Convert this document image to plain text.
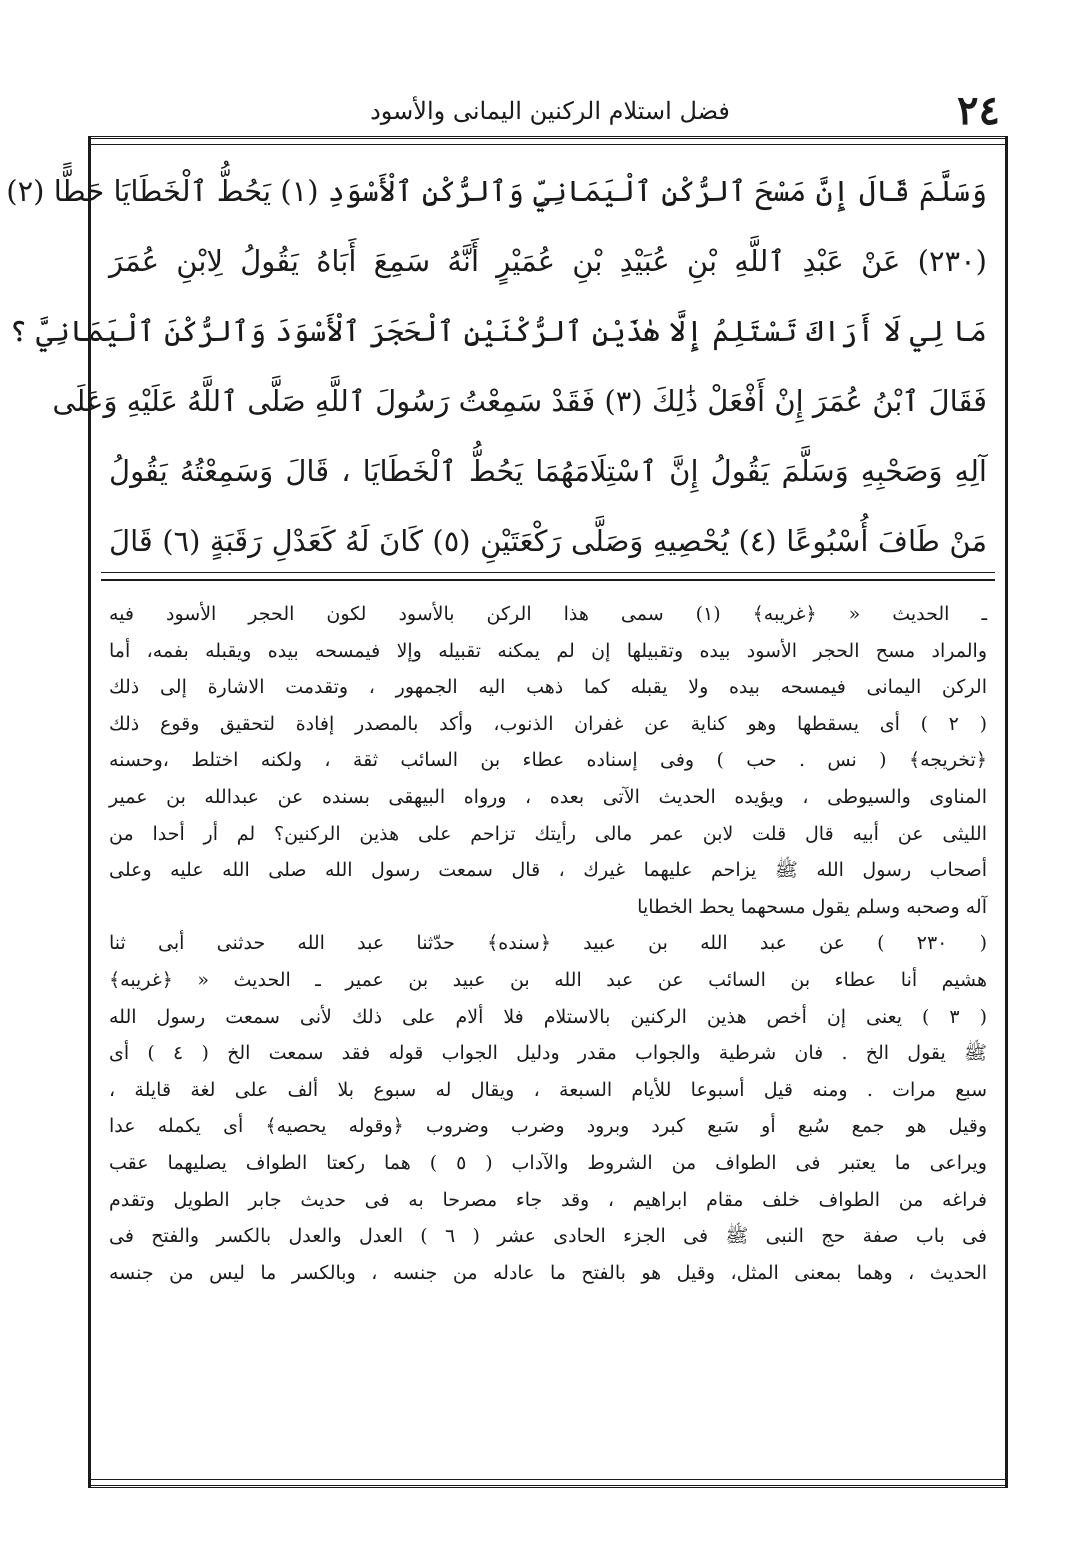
٢٤
فضل استلام الركنين اليمانى والأسود
وَسَلَّمَ قَالَ إِنَّ مَسْحَ ٱلرُّكْنِ ٱلْيَمَانِيِّ وَٱلرُّكْنِ ٱلْأَسْوَدِ (١) يَحُطُّ ٱلْخَطَايَا حَطًّا (٢)
(٢٣٠) عَنْ عَبْدِ ٱللَّهِ بْنِ عُبَيْدِ بْنِ عُمَيْرٍ أَنَّهُ سَمِعَ أَبَاهُ يَقُولُ لِابْنِ عُمَرَ
مَا لِي لَا أَرَاكَ تَسْتَلِمُ إِلَّا هٰذَيْنِ ٱلرُّكْنَيْنِ ٱلْحَجَرَ ٱلْأَسْوَدَ وَٱلرُّكْنَ ٱلْيَمَانِيَّ ؟
فَقَالَ ٱبْنُ عُمَرَ إِنْ أَفْعَلْ ذَٰلِكَ (٣) فَقَدْ سَمِعْتُ رَسُولَ ٱللَّهِ صَلَّى ٱللَّهُ عَلَيْهِ وَعَلَى
آلِهِ وَصَحْبِهِ وَسَلَّمَ يَقُولُ إِنَّ ٱسْتِلَامَهُمَا يَحُطُّ ٱلْخَطَايَا ، قَالَ وَسَمِعْتُهُ يَقُولُ
مَنْ طَافَ أُسْبُوعًا (٤) يُحْصِيهِ وَصَلَّى رَكْعَتَيْنِ (٥) كَانَ لَهُ كَعَدْلِ رَقَبَةٍ (٦) قَالَ
ـ الحديث « ﴿غريبه﴾ (١) سمى هذا الركن بالأسود لكون الحجر الأسود فيه
والمراد مسح الحجر الأسود بيده وتقبيلها إن لم يمكنه تقبيله وإلا فيمسحه بيده ويقبله بفمه، أما
الركن اليمانى فيمسحه بيده ولا يقبله كما ذهب اليه الجمهور ، وتقدمت الاشارة إلى ذلك
( ٢ ) أى يسقطها وهو كناية عن غفران الذنوب، وأكد بالمصدر إفادة لتحقيق وقوع ذلك
﴿تخريجه﴾ ( نس . حب ) وفى إسناده عطاء بن السائب ثقة ، ولكنه اختلط ،وحسنه
المناوى والسيوطى ، ويؤيده الحديث الآتى بعده ، ورواه البيهقى بسنده عن عبدالله بن عمير
الليثى عن أبيه قال قلت لابن عمر مالى رأيتك تزاحم على هذين الركنين؟ لم أر أحدا من
أصحاب رسول الله ﷺ يزاحم عليهما غيرك ، قال سمعت رسول الله صلى الله عليه وعلى
آله وصحبه وسلم يقول مسحهما يحط الخطايا
( ٢٣٠ ) عن عبد الله بن عبيد ﴿سنده﴾ حدّثنا عبد الله حدثنى أبى ثنا
هشيم أنا عطاء بن السائب عن عبد الله بن عبيد بن عمير ـ الحديث « ﴿غريبه﴾
( ٣ ) يعنى إن أخص هذين الركنين بالاستلام فلا ألام على ذلك لأنى سمعت رسول الله
ﷺ يقول الخ . فان شرطية والجواب مقدر ودليل الجواب قوله فقد سمعت الخ ( ٤ ) أى
سبع مرات . ومنه قيل أسبوعا للأيام السبعة ، ويقال له سبوع بلا ألف على لغة قايلة ،
وقيل هو جمع سُبع أو سَبع كبرد وبرود وضرب وضروب ﴿وقوله يحصيه﴾ أى يكمله عدا
ويراعى ما يعتبر فى الطواف من الشروط والآداب ( ٥ ) هما ركعتا الطواف يصليهما عقب
فراغه من الطواف خلف مقام ابراهيم ، وقد جاء مصرحا به فى حديث جابر الطويل وتقدم
فى باب صفة حج النبى ﷺ فى الجزء الحادى عشر ( ٦ ) العدل والعدل بالكسر والفتح فى
الحديث ، وهما بمعنى المثل، وقيل هو بالفتح ما عادله من جنسه ، وبالكسر ما ليس من جنسه
